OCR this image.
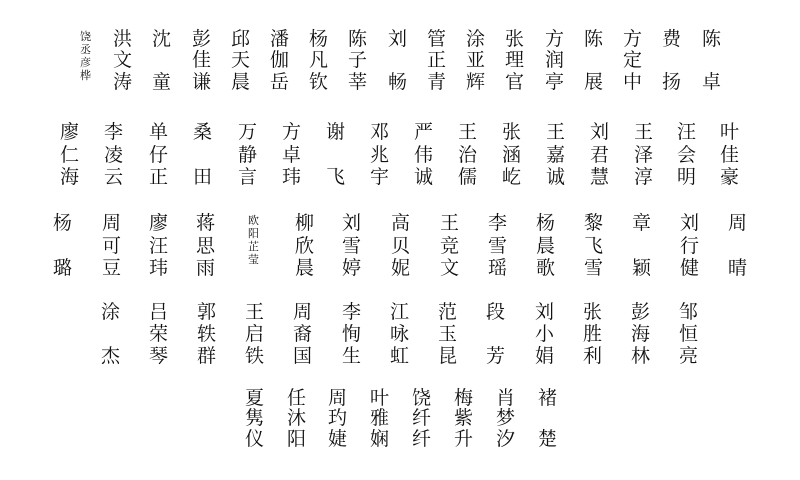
饶
丞
彦
桦
洪
文
涛
沈
童
彭
佳
谦
邱
天
晨
潘
伽
岳
杨
凡
钦
陈
子
莘
刘
畅
管
正
青
涂
亚
辉
张
理
官
方
润
亭
陈
展
方
定
中
费
扬
陈
卓
廖
仁
海
李
凌
云
单
仔
正
桑
田
万
静
言
方
卓
玮
谢
飞
邓
兆
宇
严
伟
诚
王
治
儒
张
涵
屹
王
嘉
诚
刘
君
慧
王
泽
淳
汪
会
明
叶
佳
豪
杨
璐
周
可
豆
廖
汪
玮
蒋
思
雨
欧
阳
芷
莹
柳
欣
晨
刘
雪
婷
高
贝
妮
王
竞
文
李
雪
瑶
杨
晨
歌
黎
飞
雪
章
颖
刘
行
健
周
晴
涂
杰
吕
荣
琴
郭
轶
群
王
启
铁
周
裔
国
李
恂
生
江
咏
虹
范
玉
昆
段
芳
刘
小
娟
张
胜
利
彭
海
林
邹
恒
亮
夏
隽
仪
任
沐
阳
周
玓
婕
叶
雅
娴
饶
纤
纤
梅
紫
升
肖
梦
汐
褚
楚
